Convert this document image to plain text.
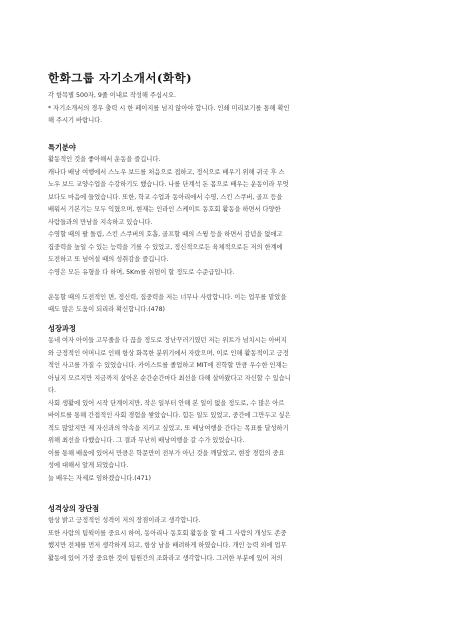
한화그룹 자기소개서(화학)
각 항목별 500자, 9줄 이내로 작성해 주십시오.
* 자기소개서의 경우 출력 시 한 페이지를 넘지 않아야 합니다. 인쇄 미리보기를 통해 확인
해 주시기 바랍니다.
특기분야
활동적인 것을 좋아해서 운동을 즐깁니다.
캐나다 배낭 여행에서 스노우 보드를 처음으로 접하고, 정식으로 배우기 위해 귀국 후 스
노우 보드 교양수업을 수강하기도 했습니다. 나를 단계석 돈 몸으로 배우는 운동이라 무엇
보다도 마음에 들었습니다. 또한, 학교 수업과 동아리에서 수영, 스킨 스쿠버, 골프 등을
배워서 기본기는 모두 익혔으며, 현재는 인라인 스케이트 동호회 활동을 하면서 다양한
사람들과의 만남을 지속하고 있습니다.
수영할 때의 팔 돌림, 스킨 스쿠버의 호흡, 골프할 때의 스윙 등을 하면서 감념을 없애고
집중력을 높일 수 있는 능력을 기를 수 있었고, 정신적으로든 육체적으로든 저의 한계에
도전하고 또 넘어설 때의 성취감을 즐깁니다.
수영은 모든 유형을 다 하며, 5Km를 쉬엄이 할 정도로 수준급입니다.
운동할 때의 도전적인 면, 정신력, 집중력을 저는 너무나 사랑합니다. 이는 업무를 맡았을
때도 많은 도움이 되리라 확신합니다.(478)
성장과정
동네 여자 아이들 고무줄을 다 끊을 정도로 장난꾸러기였던 저는 위트가 넘치시는 아버지
와 긍정적인 어머니로 인해 항상 화목한 분위기에서 자랐으며, 이로 인해 활동적이고 긍정
적인 사고를 가질 수 있었습니다. 카이스트를 졸업하고 MIT에 진학할 만큼 우수한 인재는
아닐지 모르지만 지금까지 살아온 순간순간마다 최선을 다해 살아왔다고 자신할 수 있습니
다.
사회 생활에 있어 시작 단계이지만, 작은 일부터 안해 본 일이 없을 정도로, 수 많은 아르
바이트를 통해 간접적인 사회 경험을 쌓았습니다. 힘든 일도 있었고, 중간에 그만두고 싶은
적도 많았지만 제 자신과의 약속을 지키고 싶었고, 또 배낭여행을 간다는 목표를 달성하기
위해 최선을 다했습니다. 그 결과 무난히 배낭여행을 갈 수가 있었습니다.
이를 통해 배움에 있어서 만큼은 학문만이 전부가 아닌 것을 깨달았고, 현장 경험의 중요
성에 대해서 알게 되었습니다.
늘 배우는 자세로 임하겠습니다.(471)
성격상의 장단점
항상 밝고 긍정적인 성격이 저의 장점이라고 생각합니다.
또한 사람의 팀웍이를 중요시 하여, 동아리나 동호회 활동을 할 때 그 사람의 개성도 존중
했지만 전체를 먼저 생각하게 되고, 항상 남을 배려하게 하였습니다. 개인 능력 외에 업무
활동에 있어 가장 중요한 것이 팀원간의 조화라고 생각합니다. 그러한 부분에 있어 저의
